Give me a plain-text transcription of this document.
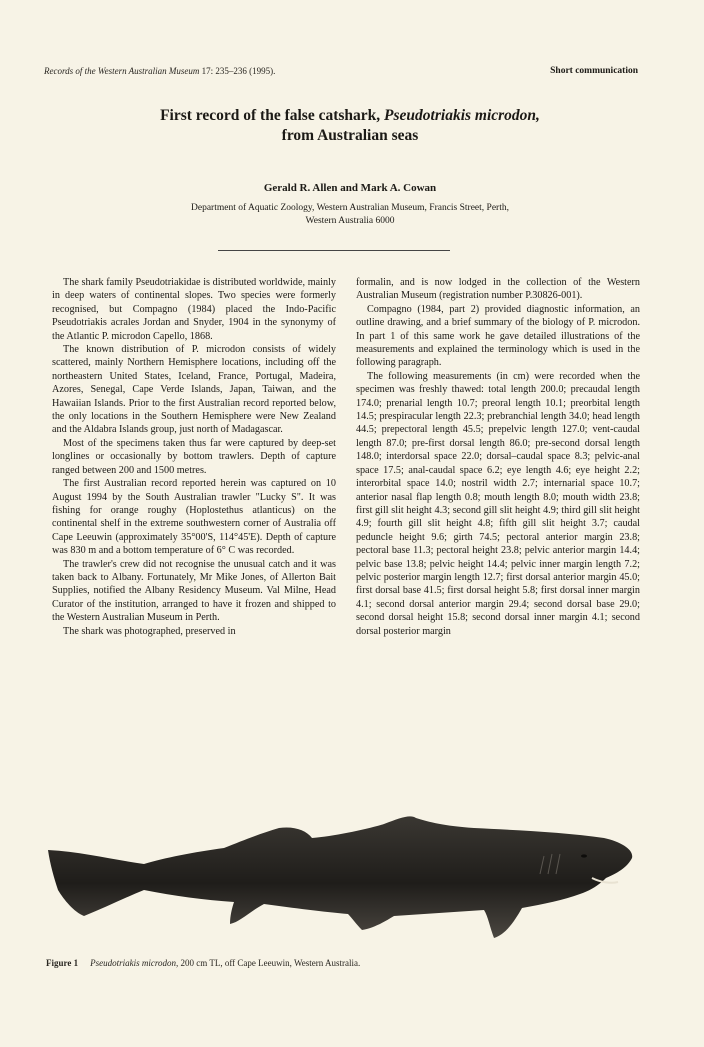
Records of the Western Australian Museum 17: 235–236 (1995).	Short communication
First record of the false catshark, Pseudotriakis microdon,
from Australian seas
Gerald R. Allen and Mark A. Cowan
Department of Aquatic Zoology, Western Australian Museum, Francis Street, Perth,
Western Australia 6000

The shark family Pseudotriakidae is distributed worldwide, mainly in deep waters of continental slopes. Two species were formerly recognised, but Compagno (1984) placed the Indo-Pacific Pseudotriakis acrales Jordan and Snyder, 1904 in the synonymy of the Atlantic P. microdon Capello, 1868.

The known distribution of P. microdon consists of widely scattered, mainly Northern Hemisphere locations, including off the northeastern United States, Iceland, France, Portugal, Madeira, Azores, Senegal, Cape Verde Islands, Japan, Taiwan, and the Hawaiian Islands. Prior to the first Australian record reported below, the only locations in the Southern Hemisphere were New Zealand and the Aldabra Islands group, just north of Madagascar.

Most of the specimens taken thus far were captured by deep-set longlines or occasionally by bottom trawlers. Depth of capture ranged between 200 and 1500 metres.

The first Australian record reported herein was captured on 10 August 1994 by the South Australian trawler "Lucky S". It was fishing for orange roughy (Hoplostethus atlanticus) on the continental shelf in the extreme southwestern corner of Australia off Cape Leeuwin (approximately 35°00'S, 114°45'E). Depth of capture was 830 m and a bottom temperature of 6° C was recorded.

The trawler's crew did not recognise the unusual catch and it was taken back to Albany. Fortunately, Mr Mike Jones, of Allerton Bait Supplies, notified the Albany Residency Museum. Val Milne, Head Curator of the institution, arranged to have it frozen and shipped to the Western Australian Museum in Perth.

The shark was photographed, preserved in

formalin, and is now lodged in the collection of the Western Australian Museum (registration number P.30826-001).

Compagno (1984, part 2) provided diagnostic information, an outline drawing, and a brief summary of the biology of P. microdon. In part 1 of this same work he gave detailed illustrations of the measurements and explained the terminology which is used in the following paragraph.

The following measurements (in cm) were recorded when the specimen was freshly thawed: total length 200.0; precaudal length 174.0; prenarial length 10.7; preoral length 10.1; preorbital length 14.5; prespiracular length 22.3; prebranchial length 34.0; head length 44.5; prepectoral length 45.5; prepelvic length 127.0; vent-caudal length 87.0; pre-first dorsal length 86.0; pre-second dorsal length 148.0; interdorsal space 22.0; dorsal–caudal space 8.3; pelvic-anal space 17.5; anal-caudal space 6.2; eye length 4.6; eye height 2.2; interorbital space 14.0; nostril width 2.7; internarial space 10.7; anterior nasal flap length 0.8; mouth length 8.0; mouth width 23.8; first gill slit height 4.3; second gill slit height 4.9; third gill slit height 4.9; fourth gill slit height 4.8; fifth gill slit height 3.7; caudal peduncle height 9.6; girth 74.5; pectoral anterior margin 23.8; pectoral base 11.3; pectoral height 23.8; pelvic anterior margin 14.4; pelvic base 13.8; pelvic height 14.4; pelvic inner margin length 7.2; pelvic posterior margin length 12.7; first dorsal anterior margin 45.0; first dorsal base 41.5; first dorsal height 5.8; first dorsal inner margin 4.1; second dorsal anterior margin 29.4; second dorsal base 29.0; second dorsal height 15.8; second dorsal inner margin 4.1; second dorsal posterior margin

Figure 1 Pseudotriakis microdon, 200 cm TL, off Cape Leeuwin, Western Australia.
